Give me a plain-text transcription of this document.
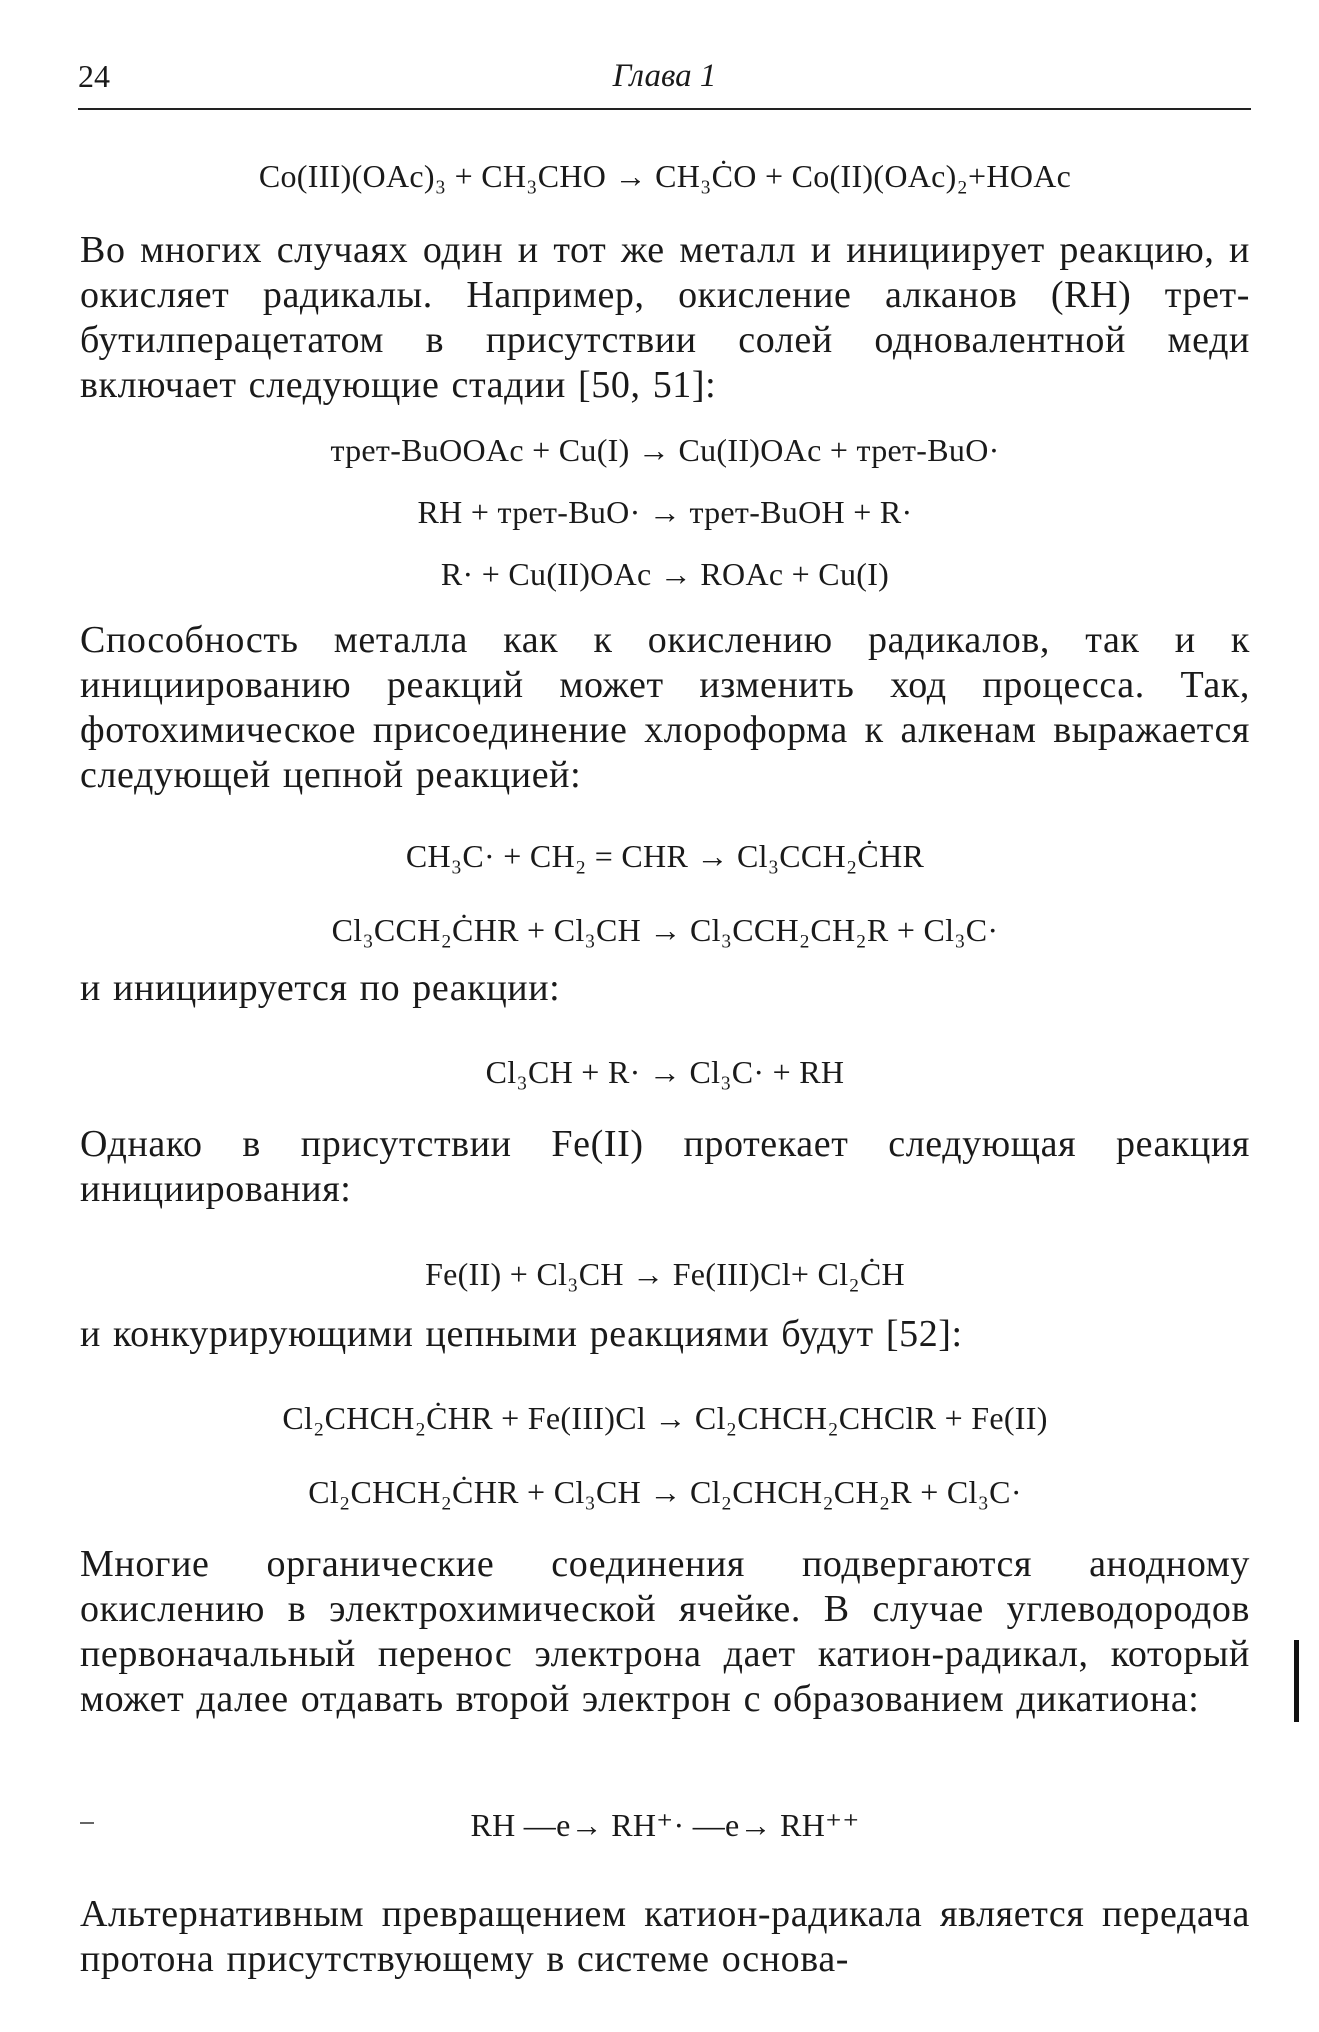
24	Глава 1
Co(III)(OAc)₃ + CH₃CHO → CH₃ĊO + Co(II)(OAc)₂+HOAc
Во многих случаях один и тот же металл и инициирует реакцию, и окисляет радикалы. Например, окисление алканов (RH) трет-бутилперацетатом в присутствии солей одновалентной меди включает следующие стадии [50, 51]:
трет-BuOOAc + Cu(I) → Cu(II)OAc + трет-BuO·
RH + трет-BuO· → трет-BuOH + R·
R· + Cu(II)OAc → ROAc + Cu(I)
Способность металла как к окислению радикалов, так и к инициированию реакций может изменить ход процесса. Так, фотохимическое присоединение хлороформа к алкенам выражается следующей цепной реакцией:
CH₃C· + CH₂ = CHR → Cl₃CCH₂ĊHR
Cl₃CCH₂ĊHR + Cl₃CH → Cl₃CCH₂CH₂R + Cl₃C·
и инициируется по реакции:
Cl₃CH + R· → Cl₃C· + RH
Однако в присутствии Fe(II) протекает следующая реакция инициирования:
Fe(II) + Cl₃CH → Fe(III)Cl+ Cl₂ĊH
и конкурирующими цепными реакциями будут [52]:
Cl₂CHCH₂ĊHR + Fe(III)Cl → Cl₂CHCH₂CHClR + Fe(II)
Cl₂CHCH₂ĊHR + Cl₃CH → Cl₂CHCH₂CH₂R + Cl₃C·
Многие органические соединения подвергаются анодному окислению в электрохимической ячейке. В случае углеводородов первоначальный перенос электрона дает катион-радикал, который может далее отдавать второй электрон с образованием дикатиона:
RH —e→ RH⁺· —e→ RH⁺⁺
Альтернативным превращением катион-радикала является передача протона присутствующему в системе основа-
